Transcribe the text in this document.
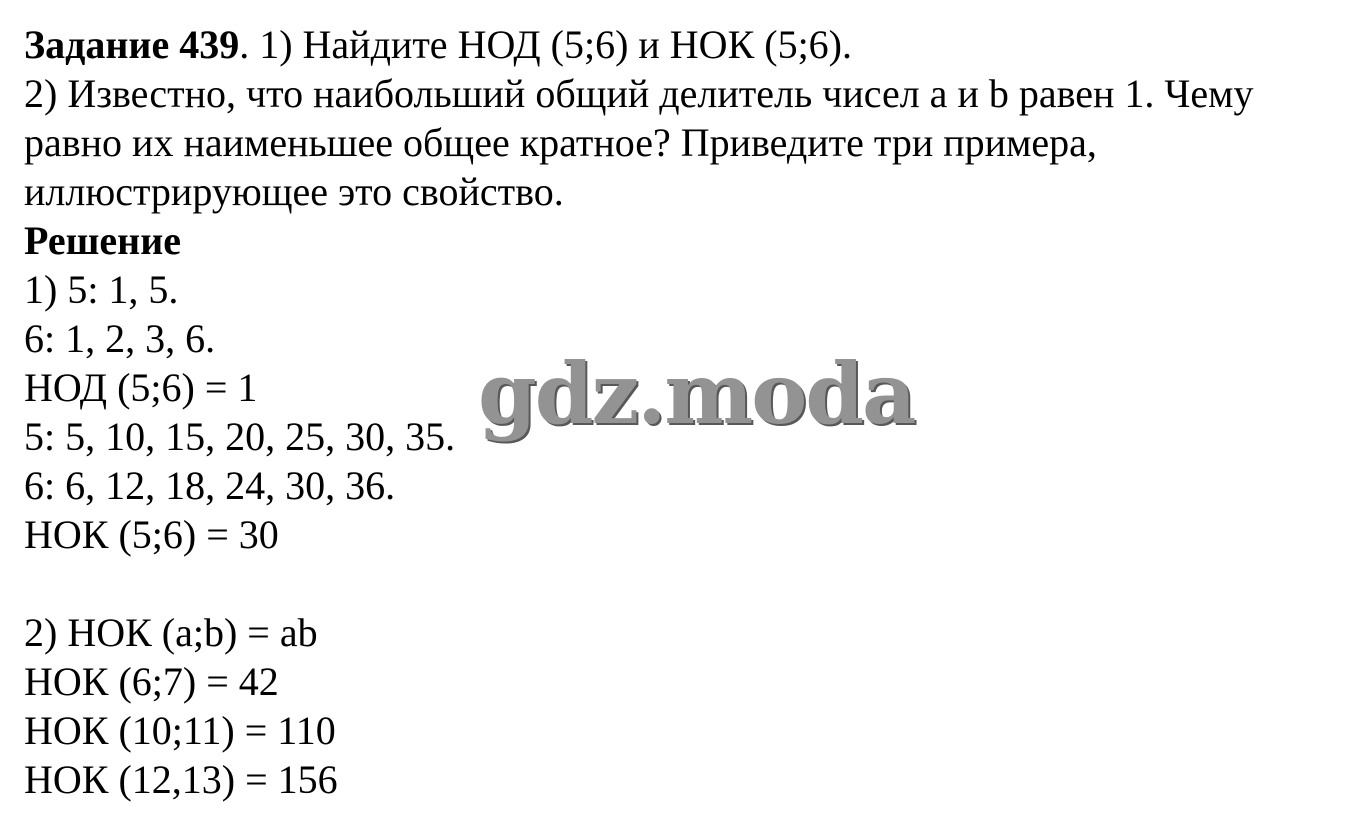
Задание 439. 1) Найдите НОД (5;6) и НОК (5;6).
2) Известно, что наибольший общий делитель чисел a и b равен 1. Чему
равно их наименьшее общее кратное? Приведите три примера,
иллюстрирующее это свойство.
Решение
1) 5: 1, 5.
6: 1, 2, 3, 6.
НОД (5;6) = 1
5: 5, 10, 15, 20, 25, 30, 35.
6: 6, 12, 18, 24, 30, 36.
НОК (5;6) = 30
2) НОК (a;b) = ab
НОК (6;7) = 42
НОК (10;11) = 110
НОК (12,13) = 156
gdz.moda
